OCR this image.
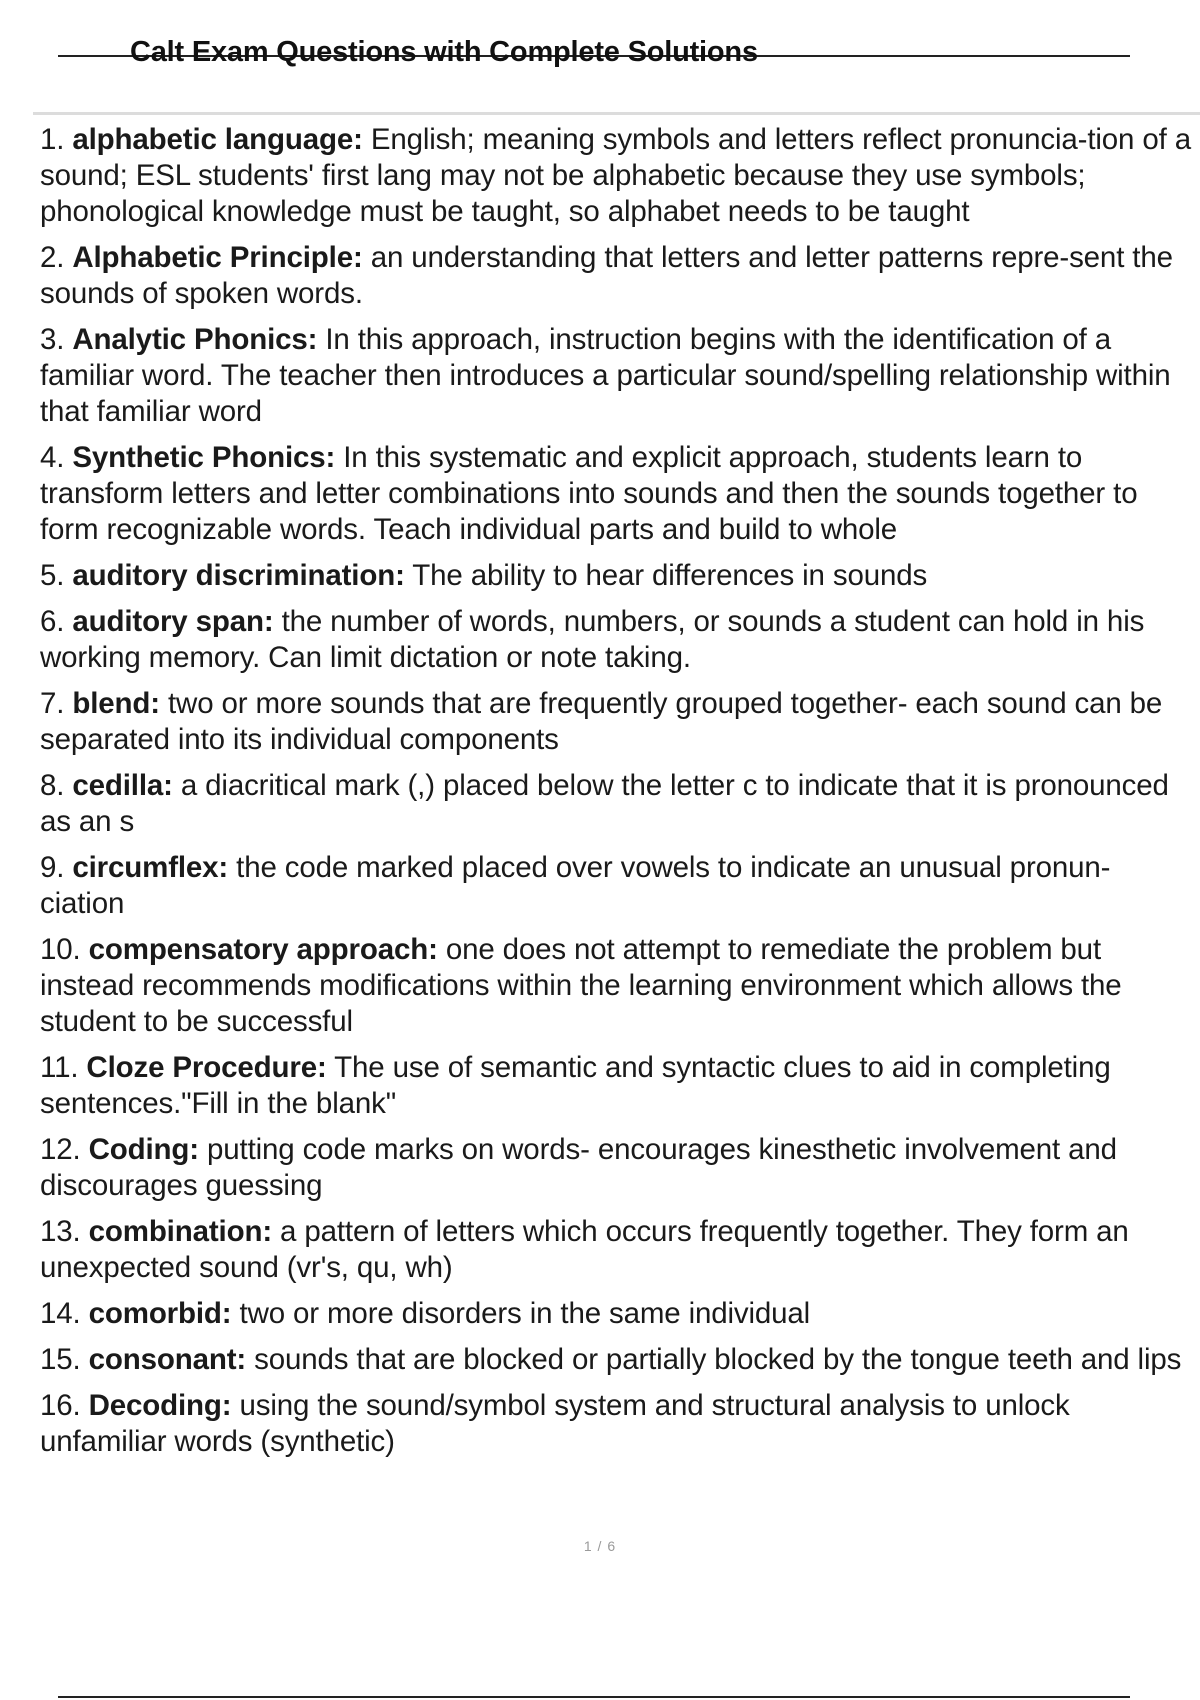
Calt Exam Questions with Complete Solutions
1. alphabetic language: English; meaning symbols and letters reflect pronuncia-tion of a sound; ESL students' first lang may not be alphabetic because they use symbols; phonological knowledge must be taught, so alphabet needs to be taught
2. Alphabetic Principle: an understanding that letters and letter patterns repre-sent the sounds of spoken words.
3. Analytic Phonics: In this approach, instruction begins with the identification of a familiar word. The teacher then introduces a particular sound/spelling relationship within that familiar word
4. Synthetic Phonics: In this systematic and explicit approach, students learn to transform letters and letter combinations into sounds and then the sounds together to form recognizable words. Teach individual parts and build to whole
5. auditory discrimination: The ability to hear differences in sounds
6. auditory span: the number of words, numbers, or sounds a student can hold in his working memory. Can limit dictation or note taking.
7. blend: two or more sounds that are frequently grouped together- each sound can be separated into its individual components
8. cedilla: a diacritical mark (,) placed below the letter c to indicate that it is pronounced as an s
9. circumflex: the code marked placed over vowels to indicate an unusual pronun-ciation
10. compensatory approach: one does not attempt to remediate the problem but instead recommends modifications within the learning environment which allows the student to be successful
11. Cloze Procedure: The use of semantic and syntactic clues to aid in completing sentences."Fill in the blank"
12. Coding: putting code marks on words- encourages kinesthetic involvement and discourages guessing
13. combination: a pattern of letters which occurs frequently together. They form an unexpected sound (vr's, qu, wh)
14. comorbid: two or more disorders in the same individual
15. consonant: sounds that are blocked or partially blocked by the tongue teeth and lips
16. Decoding: using the sound/symbol system and structural analysis to unlock unfamiliar words (synthetic)
1 / 6
